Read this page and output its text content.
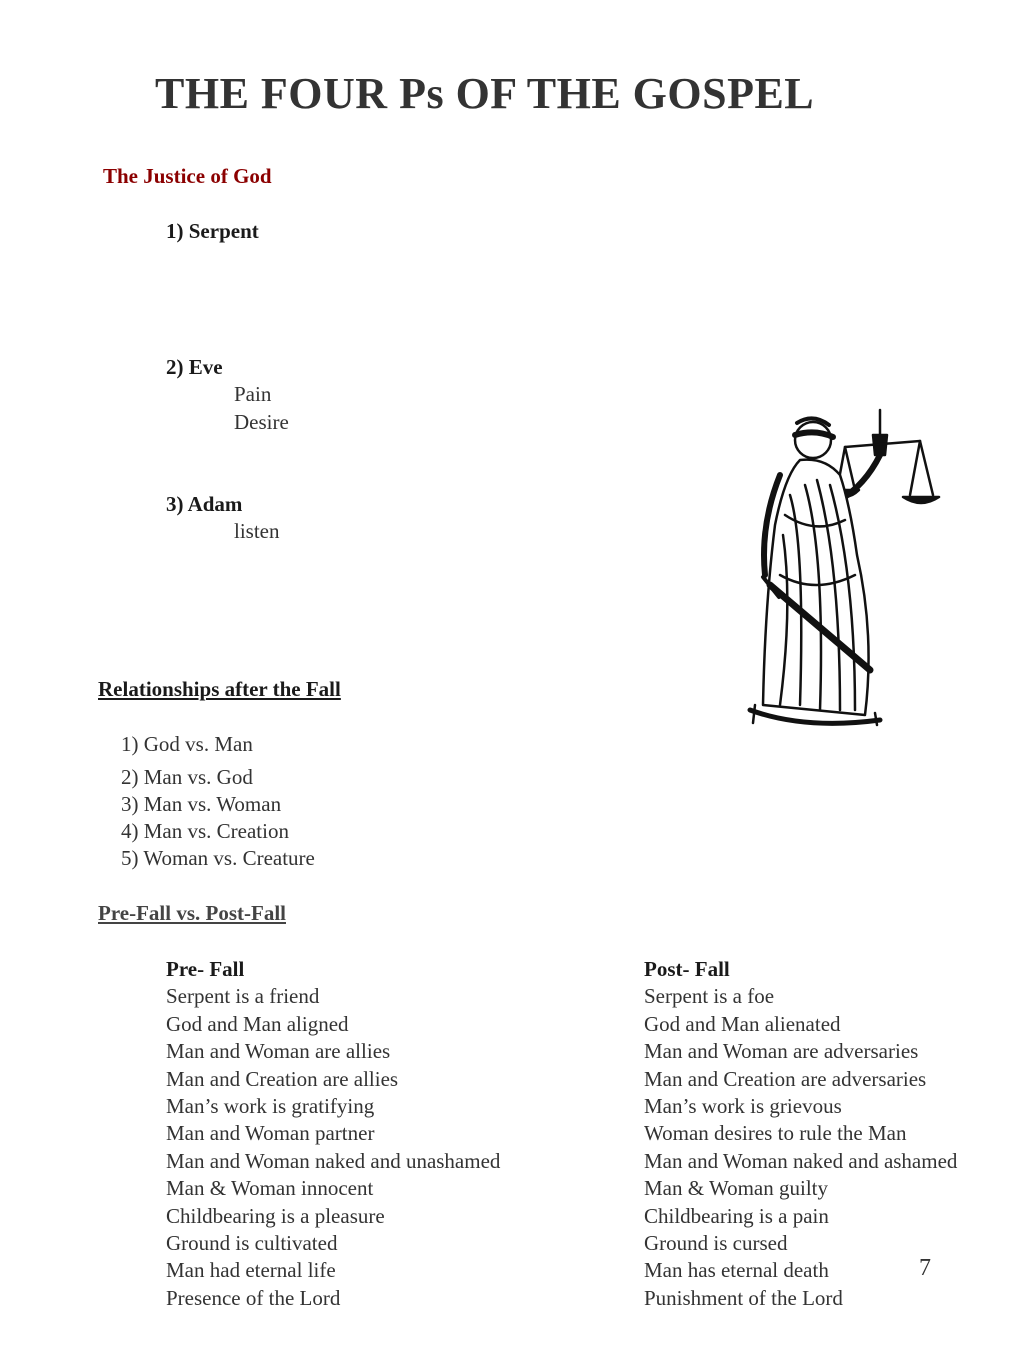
THE FOUR Ps OF THE GOSPEL
The Justice of God
1) Serpent
2) Eve
Pain
Desire
3) Adam
listen
Relationships after the Fall
1) God vs. Man
2) Man vs. God
3) Man vs. Woman
4) Man vs. Creation
5) Woman vs. Creature
Pre-Fall vs. Post-Fall
Pre- Fall
Serpent is a friend
God and Man aligned
Man and Woman are allies
Man and Creation are allies
Man’s work is gratifying
Man and Woman partner
Man and Woman naked and unashamed
Man & Woman innocent
Childbearing is a pleasure
Ground is cultivated
Man had eternal life
Presence of the Lord
Post- Fall
Serpent is a foe
God and Man alienated
Man and Woman are adversaries
Man and Creation are adversaries
Man’s work is grievous
Woman desires to rule the Man
Man and Woman naked and ashamed
Man & Woman guilty
Childbearing is a pain
Ground is cursed
Man has eternal death
Punishment of the Lord
7
